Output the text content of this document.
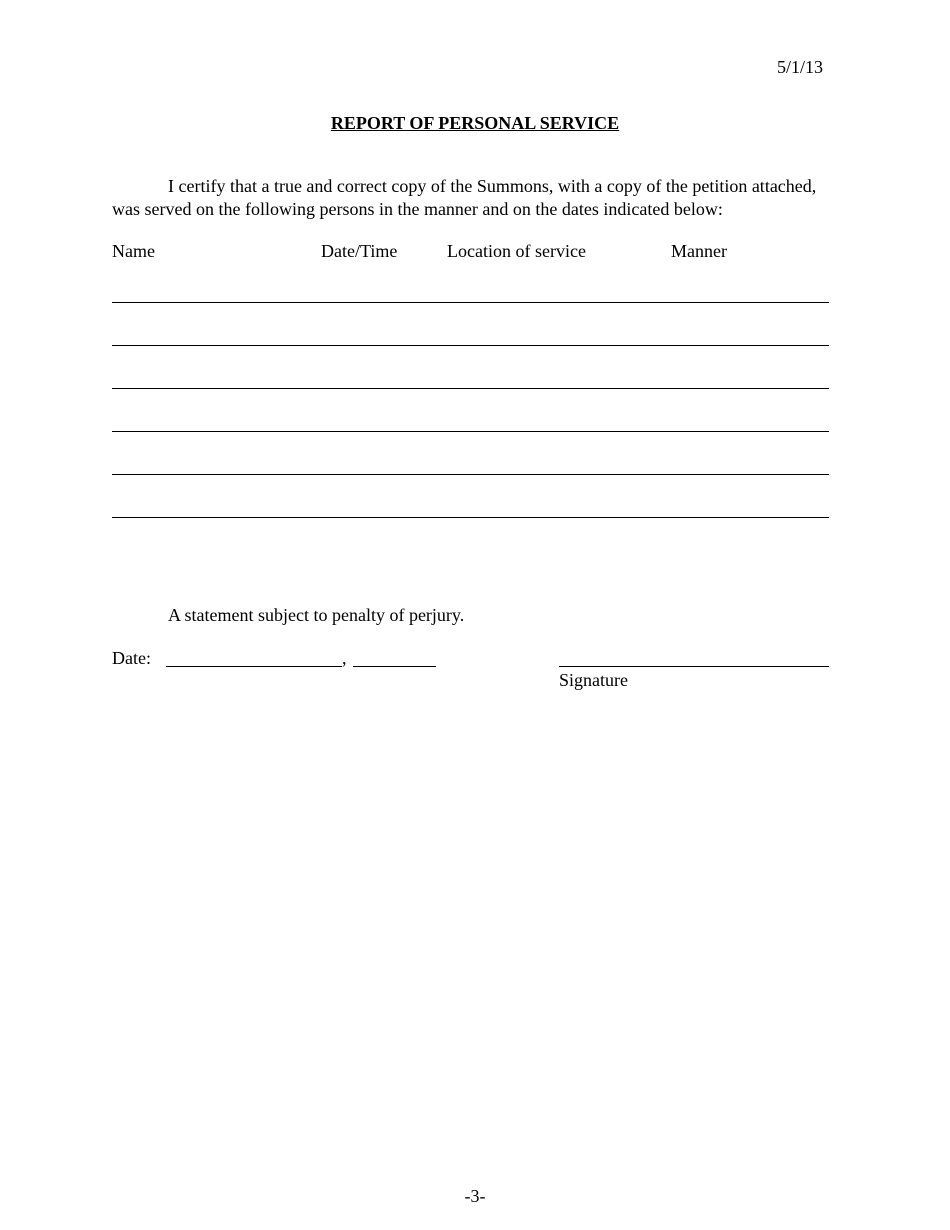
5/1/13
REPORT OF PERSONAL SERVICE
I certify that a true and correct copy of the Summons, with a copy of the petition attached,
was served on the following persons in the manner and on the dates indicated below:
Name	Date/Time	Location of service	Manner
A statement subject to penalty of perjury.
Date:	,
Signature
-3-
